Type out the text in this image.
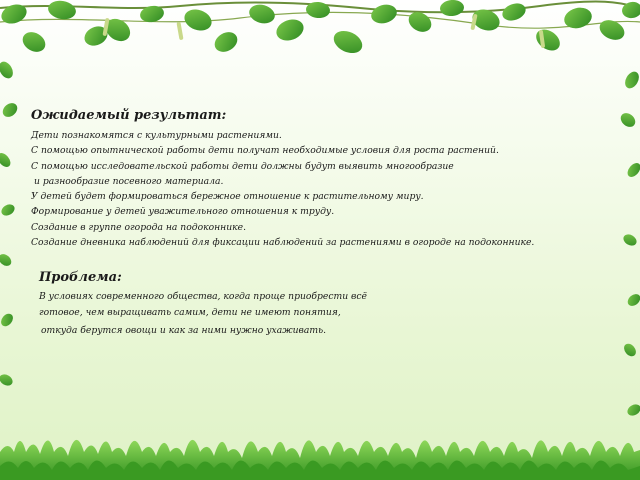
Ожидаемый результат:
Дети познакомятся с культурными растениями.
С помощью опытнической работы дети получат необходимые условия для роста растений.
С помощью исследовательской работы дети должны будут выявить многообразие
и разнообразие посевного материала.
У детей будет формироваться бережное отношение к растительному миру.
Формирование у детей уважительного отношения к труду.
Создание в группе огорода на подоконнике.
Создание дневника наблюдений для фиксации наблюдений за растениями в огороде на подоконнике.
Проблема:
В условиях современного общества, когда проще приобрести всё
готовое, чем выращивать самим, дети не имеют понятия,
откуда берутся овощи и как за ними нужно ухаживать.
